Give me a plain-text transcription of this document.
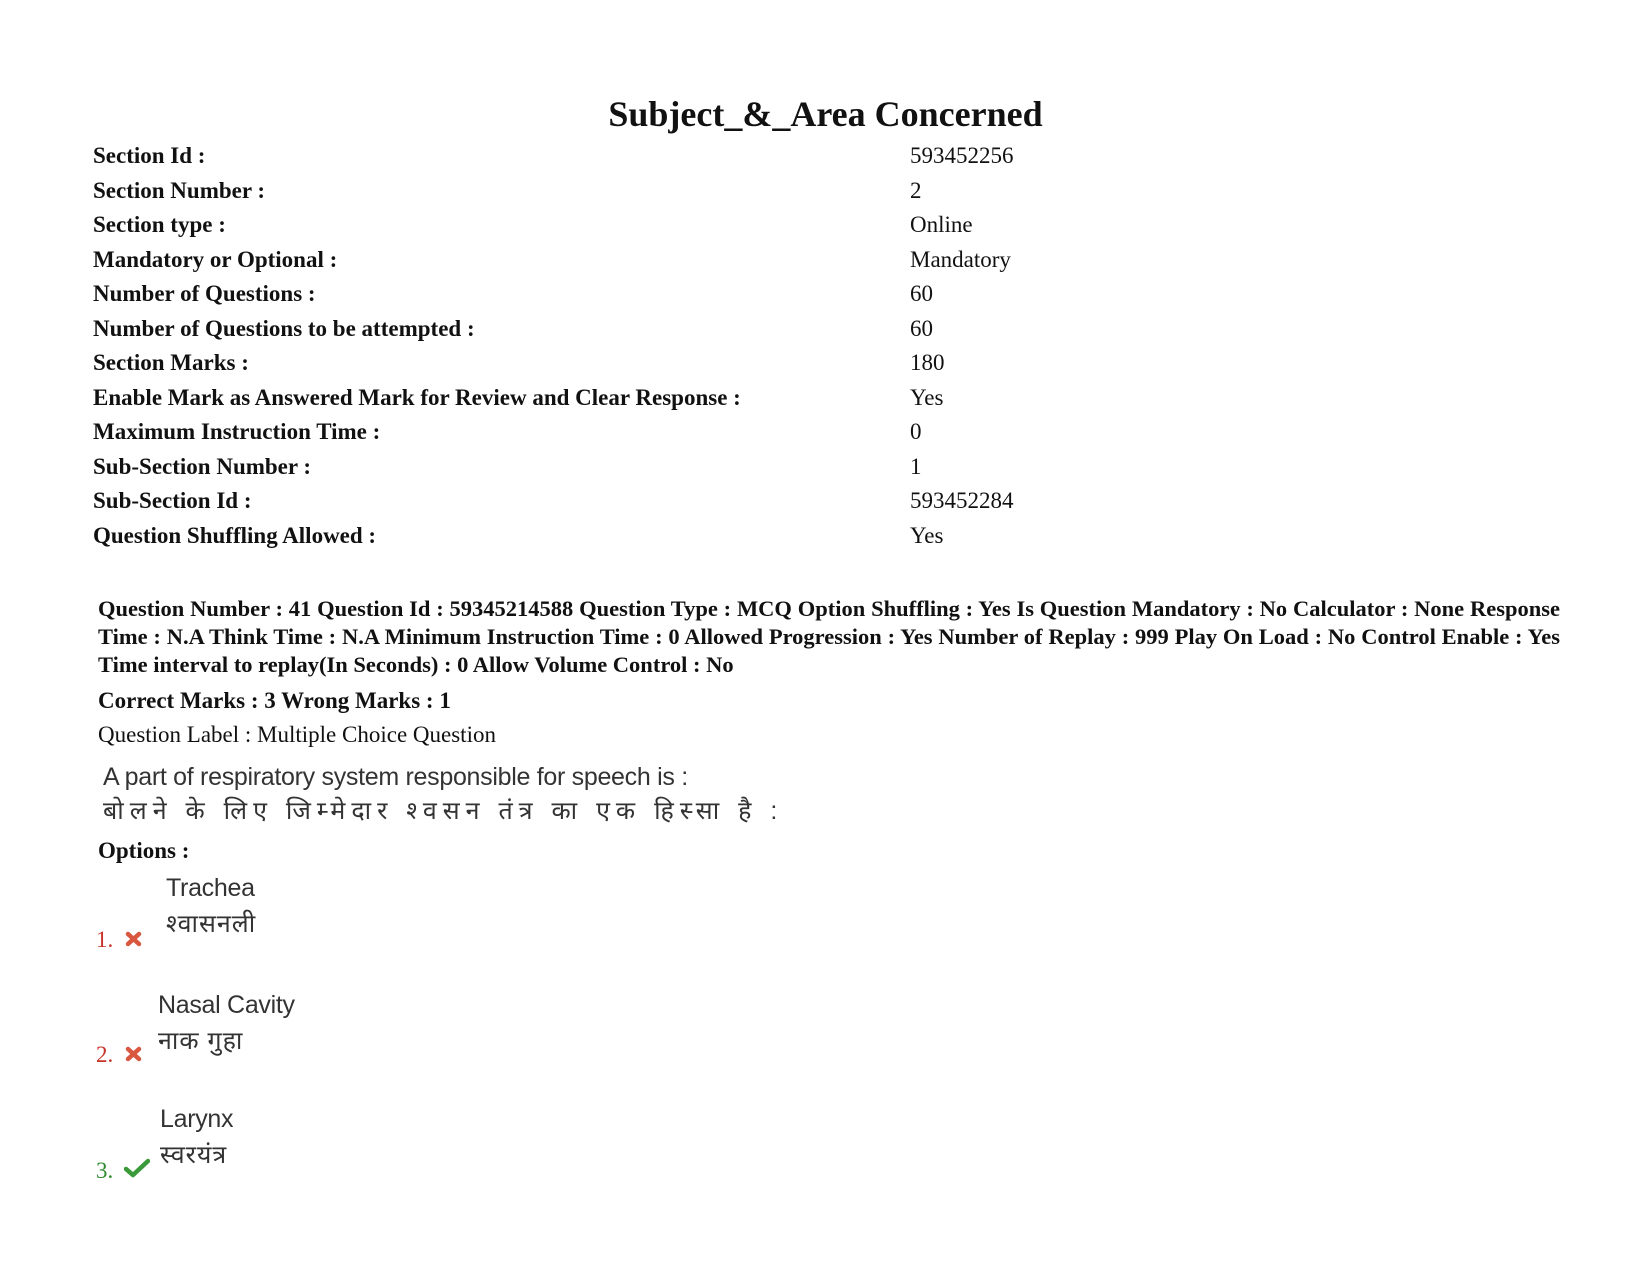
Subject_&_Area Concerned
Section Id :	593452256
Section Number :	2
Section type :	Online
Mandatory or Optional :	Mandatory
Number of Questions :	60
Number of Questions to be attempted :	60
Section Marks :	180
Enable Mark as Answered Mark for Review and Clear Response :	Yes
Maximum Instruction Time :	0
Sub-Section Number :	1
Sub-Section Id :	593452284
Question Shuffling Allowed :	Yes

Question Number : 41 Question Id : 59345214588 Question Type : MCQ Option Shuffling : Yes Is Question Mandatory : No Calculator : None Response Time : N.A Think Time : N.A Minimum Instruction Time : 0 Allowed Progression : Yes Number of Replay : 999 Play On Load : No Control Enable : Yes Time interval to replay(In Seconds) : 0 Allow Volume Control : No

Correct Marks : 3 Wrong Marks : 1

Question Label : Multiple Choice Question

A part of respiratory system responsible for speech is :
बोलने के लिए जिम्मेदार श्वसन तंत्र का एक हिस्सा है :

Options :

Trachea
श्वासनली
1.
Nasal Cavity
नाक गुहा
2.
Larynx
स्वरयंत्र
3.
